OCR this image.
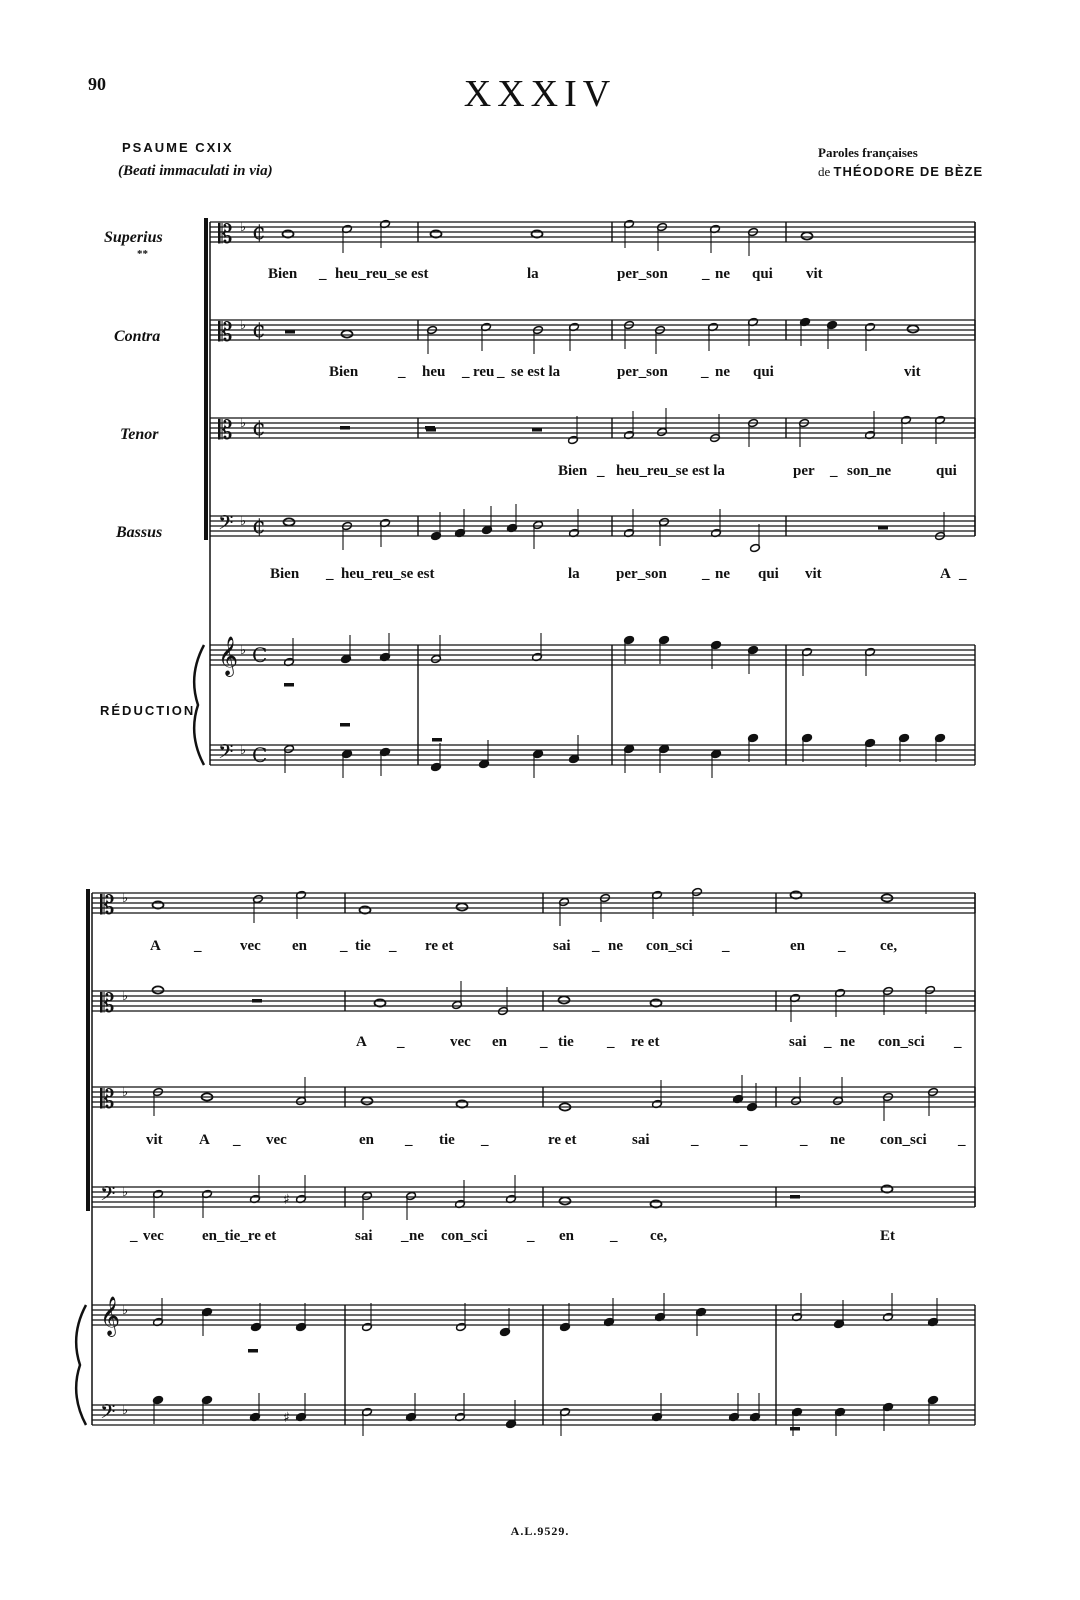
90	XXXIV
PSAUME CXIX
(Beati immaculati in via)
Paroles françaises
de THÉODORE DE BÈZE
Superius
**
Contra
Tenor
Bassus
RÉDUCTION
Bien _ heu_reu_se est	la	per_son _ ne qui vit
Bien	_ heu _ reu _ se est la	per_son _ ne qui	vit
Bien _ heu_reu_se est la	per _ son_ne	qui
Bien _ heu_reu_se est	la per_son _ ne qui vit	A _
A _	vec en _ tie _ re et	sai _ ne con_sci _	en _ ce,
A _	vec en _ tie _ re et	sai _ ne con_sci _
vit A _ vec	en _ tie _	re et	sai	_	_	_ ne con_sci _
_ vec	en_tie_re et	sai _ ne con_sci	_ en _ ce,	Et
A.L.9529.
𝄡
𝄡
𝄡
𝄢
𝄞
𝄢
♭
♭
♭
♭
♭
♭
𝄡
𝄡
𝄡
𝄢
𝄞
𝄢
♭
♭
♭
♭
♭
♭
¢
¢
¢
¢
C
C
♯
♯
